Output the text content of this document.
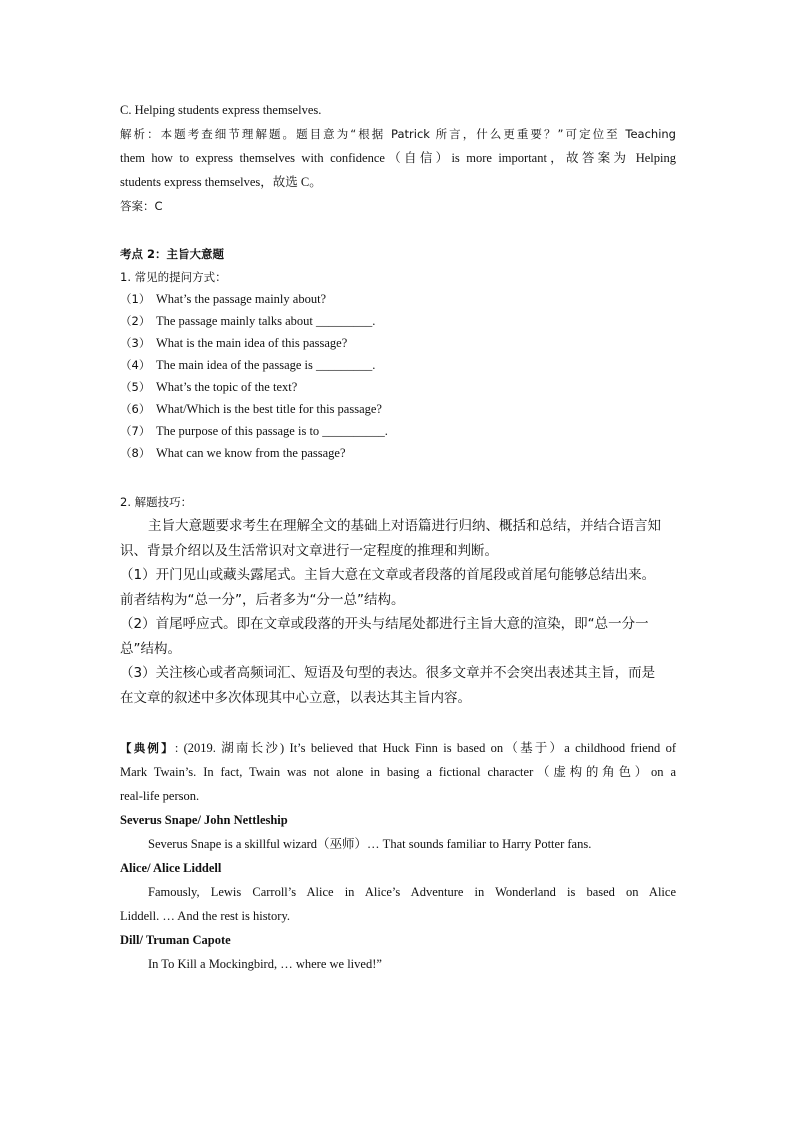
C. Helping students express themselves.
解析：本题考查细节理解题。题目意为“根据 Patrick 所言，什么更重要？”可定位至 Teaching
them how to express themselves with confidence（自信）is more important，故答案为 Helping
students express themselves，故选 C。
答案：C
考点 2：主旨大意题
1. 常见的提问方式：
（1） What’s the passage mainly about?
（2） The passage mainly talks about _________.
（3） What is the main idea of this passage?
（4） The main idea of the passage is _________.
（5） What’s the topic of the text?
（6） What/Which is the best title for this passage?
（7） The purpose of this passage is to __________.
（8） What can we know from the passage?
2. 解题技巧：
主旨大意题要求考生在理解全文的基础上对语篇进行归纳、概括和总结，并结合语言知
识、背景介绍以及生活常识对文章进行一定程度的推理和判断。
（1）开门见山或藏头露尾式。主旨大意在文章或者段落的首尾段或首尾句能够总结出来。
前者结构为“总一分”，后者多为“分一总”结构。
（2）首尾呼应式。即在文章或段落的开头与结尾处都进行主旨大意的渲染，即“总一分一
总”结构。
（3）关注核心或者高频词汇、短语及句型的表达。很多文章并不会突出表述其主旨，而是
在文章的叙述中多次体现其中心立意，以表达其主旨内容。
【典例】: (2019. 湖南长沙) It’s believed that Huck Finn is based on（基于）a childhood friend of
Mark Twain’s. In fact, Twain was not alone in basing a fictional character（虚构的角色）on a
real-life person.
Severus Snape/ John Nettleship
Severus Snape is a skillful wizard（巫师）… That sounds familiar to Harry Potter fans.
Alice/ Alice Liddell
Famously, Lewis Carroll’s Alice in Alice’s Adventure in Wonderland is based on Alice
Liddell. … And the rest is history.
Dill/ Truman Capote
In To Kill a Mockingbird, … where we lived!”
